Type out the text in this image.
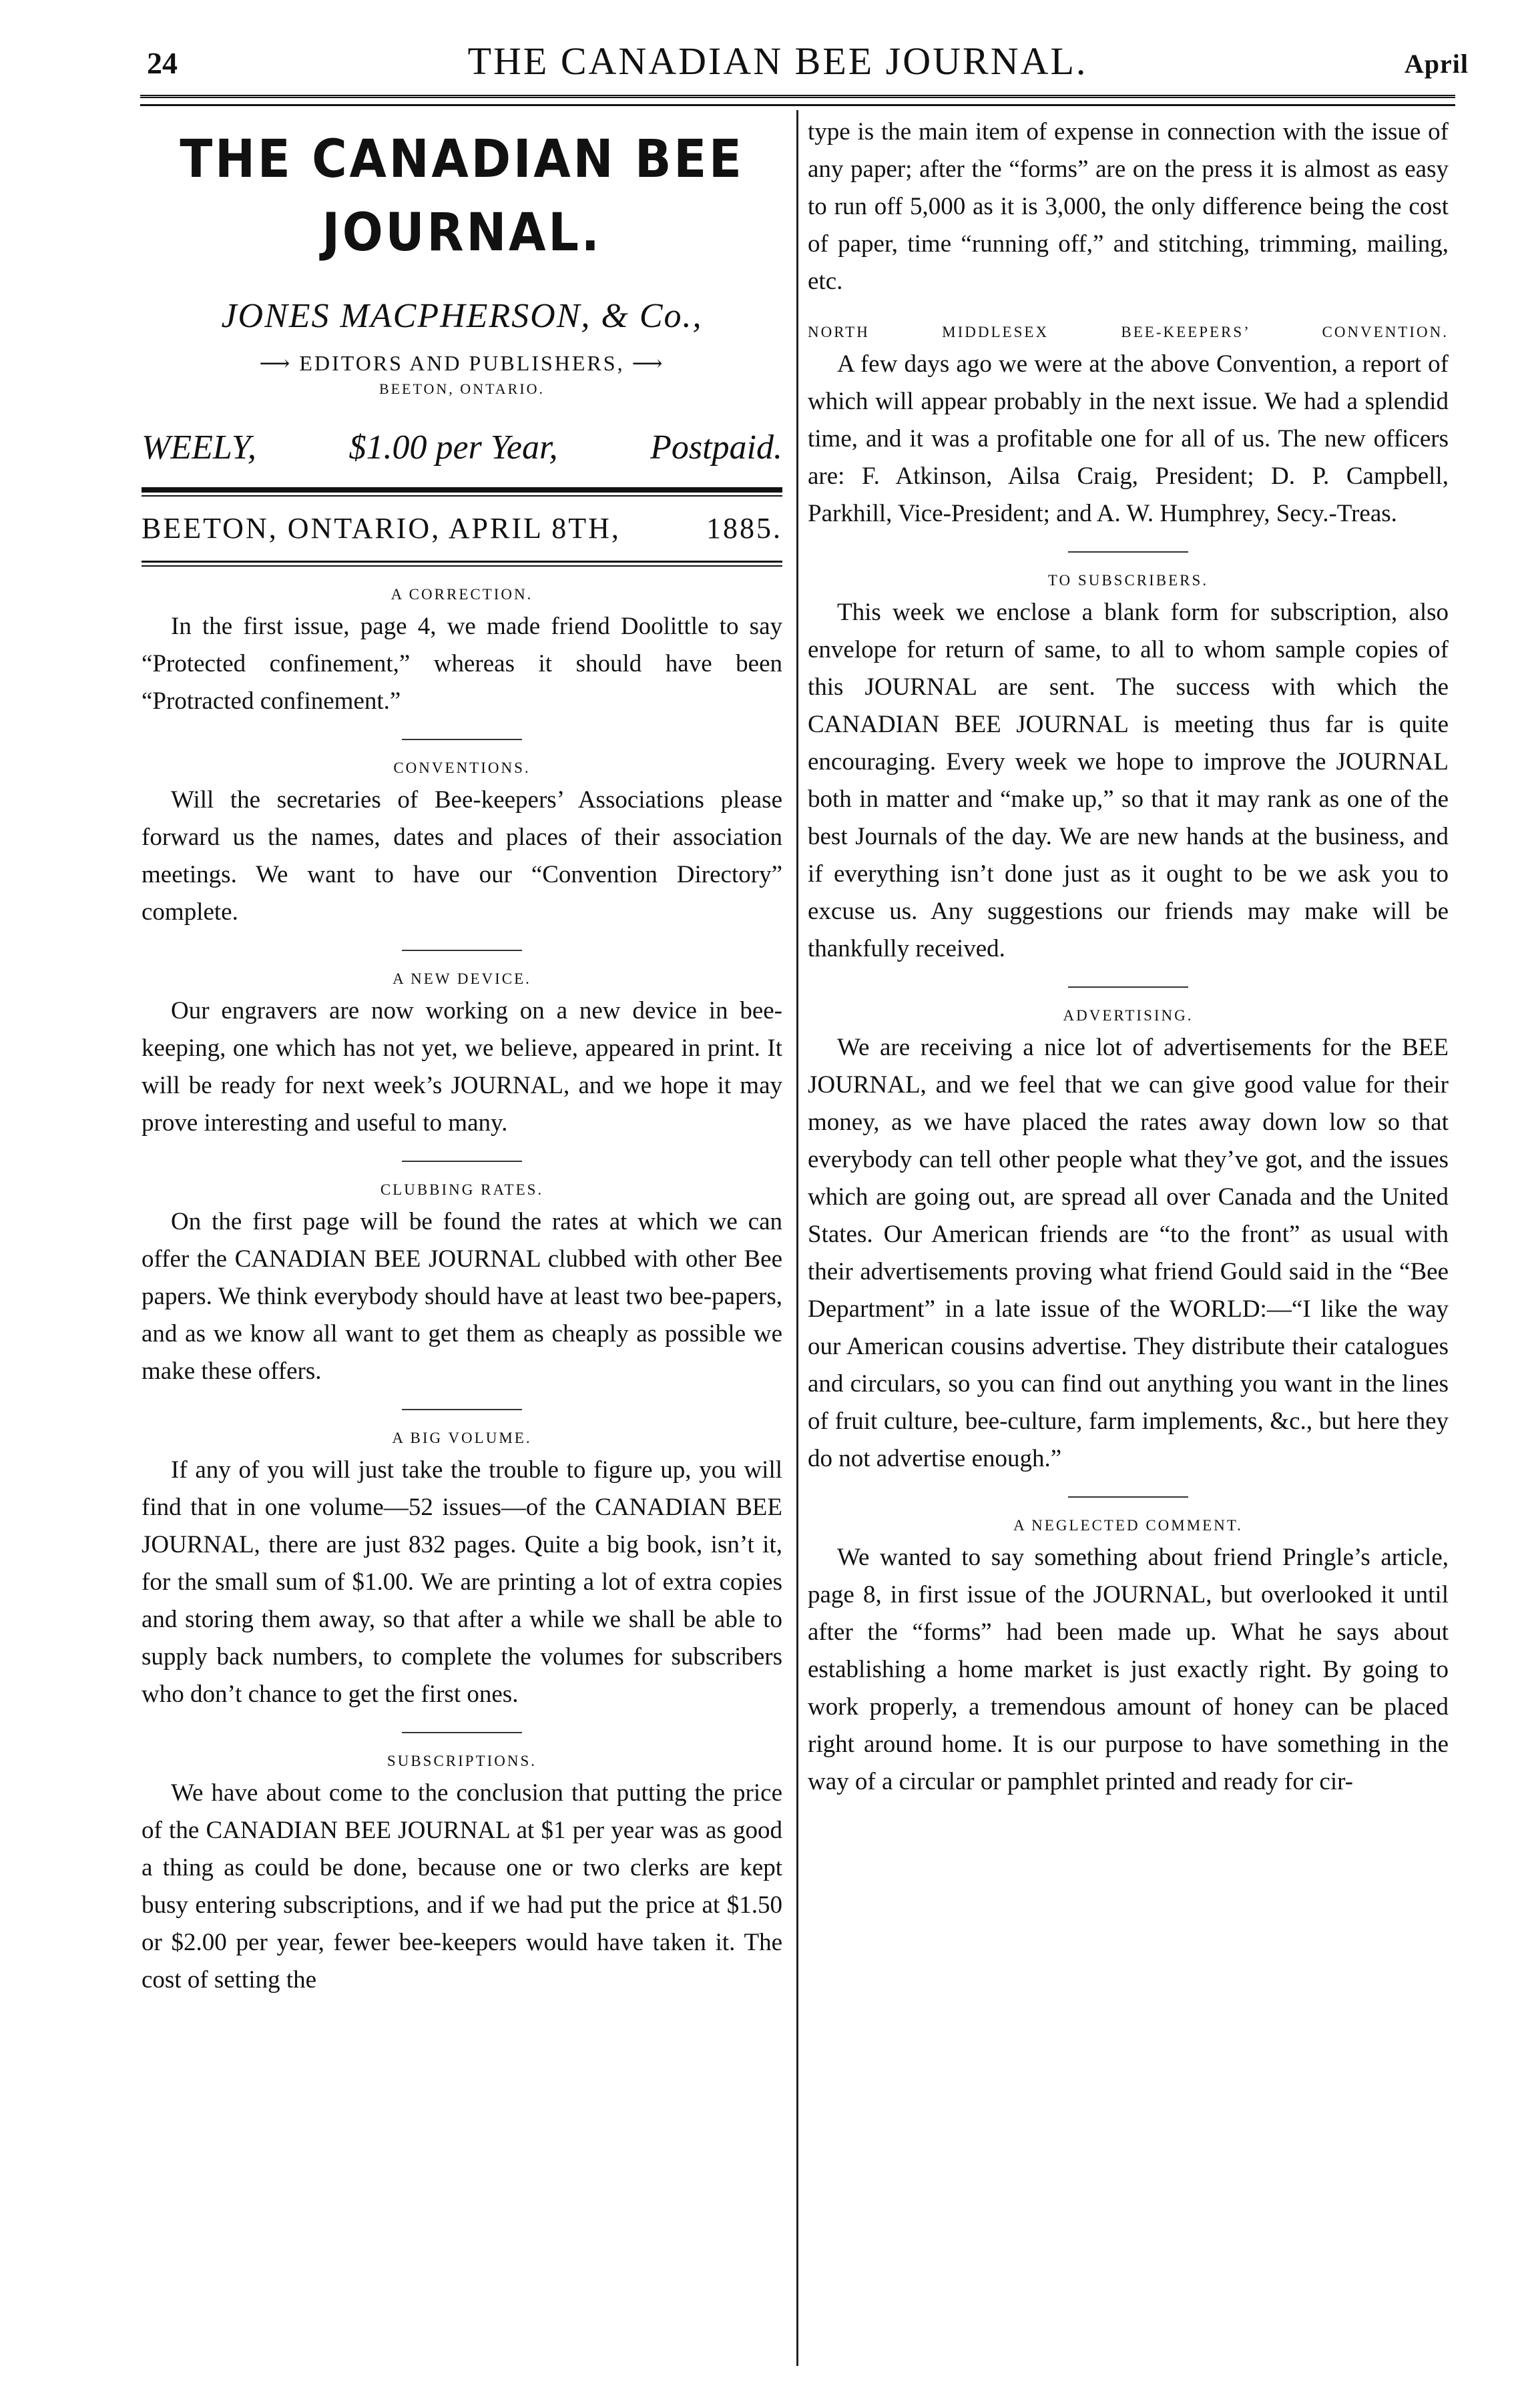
24	THE CANADIAN BEE JOURNAL.	April
THE CANADIAN BEE JOURNAL.
JONES MACPHERSON, & Co.,
⟶ EDITORS AND PUBLISHERS, ⟶
BEETON, ONTARIO.
WEELY,	$1.00 per Year,	Postpaid.
BEETON, ONTARIO, APRIL 8TH,	1885.
A CORRECTION.

In the first issue, page 4, we made friend Doolittle to say “Protected confinement,” whereas it should have been “Protracted confinement.”

CONVENTIONS.

Will the secretaries of Bee-keepers’ Associations please forward us the names, dates and places of their association meetings. We want to have our “Convention Directory” complete.

A NEW DEVICE.

Our engravers are now working on a new device in bee-keeping, one which has not yet, we believe, appeared in print. It will be ready for next week’s JOURNAL, and we hope it may prove interesting and useful to many.

CLUBBING RATES.

On the first page will be found the rates at which we can offer the CANADIAN BEE JOURNAL clubbed with other Bee papers. We think everybody should have at least two bee-papers, and as we know all want to get them as cheaply as possible we make these offers.

A BIG VOLUME.

If any of you will just take the trouble to figure up, you will find that in one volume—52 issues—of the CANADIAN BEE JOURNAL, there are just 832 pages. Quite a big book, isn’t it, for the small sum of $1.00. We are printing a lot of extra copies and storing them away, so that after a while we shall be able to supply back numbers, to complete the volumes for subscribers who don’t chance to get the first ones.

SUBSCRIPTIONS.

We have about come to the conclusion that putting the price of the CANADIAN BEE JOURNAL at $1 per year was as good a thing as could be done, because one or two clerks are kept busy entering subscriptions, and if we had put the price at $1.50 or $2.00 per year, fewer bee-keepers would have taken it. The cost of setting the

type is the main item of expense in connection with the issue of any paper; after the “forms” are on the press it is almost as easy to run off 5,000 as it is 3,000, the only difference being the cost of paper, time “running off,” and stitching, trimming, mailing, etc.

NORTH MIDDLESEX BEE-KEEPERS’ CONVENTION.

A few days ago we were at the above Convention, a report of which will appear probably in the next issue. We had a splendid time, and it was a profitable one for all of us. The new officers are: F. Atkinson, Ailsa Craig, President; D. P. Campbell, Parkhill, Vice-President; and A. W. Humphrey, Secy.-Treas.

TO SUBSCRIBERS.

This week we enclose a blank form for subscription, also envelope for return of same, to all to whom sample copies of this JOURNAL are sent. The success with which the CANADIAN BEE JOURNAL is meeting thus far is quite encouraging. Every week we hope to improve the JOURNAL both in matter and “make up,” so that it may rank as one of the best Journals of the day. We are new hands at the business, and if everything isn’t done just as it ought to be we ask you to excuse us. Any suggestions our friends may make will be thankfully received.

ADVERTISING.

We are receiving a nice lot of advertisements for the BEE JOURNAL, and we feel that we can give good value for their money, as we have placed the rates away down low so that everybody can tell other people what they’ve got, and the issues which are going out, are spread all over Canada and the United States. Our American friends are “to the front” as usual with their advertisements proving what friend Gould said in the “Bee Department” in a late issue of the WORLD:—“I like the way our American cousins advertise. They distribute their catalogues and circulars, so you can find out anything you want in the lines of fruit culture, bee-culture, farm implements, &c., but here they do not advertise enough.”

A NEGLECTED COMMENT.

We wanted to say something about friend Pringle’s article, page 8, in first issue of the JOURNAL, but overlooked it until after the “forms” had been made up. What he says about establishing a home market is just exactly right. By going to work properly, a tremendous amount of honey can be placed right around home. It is our purpose to have something in the way of a circular or pamphlet printed and ready for cir-
